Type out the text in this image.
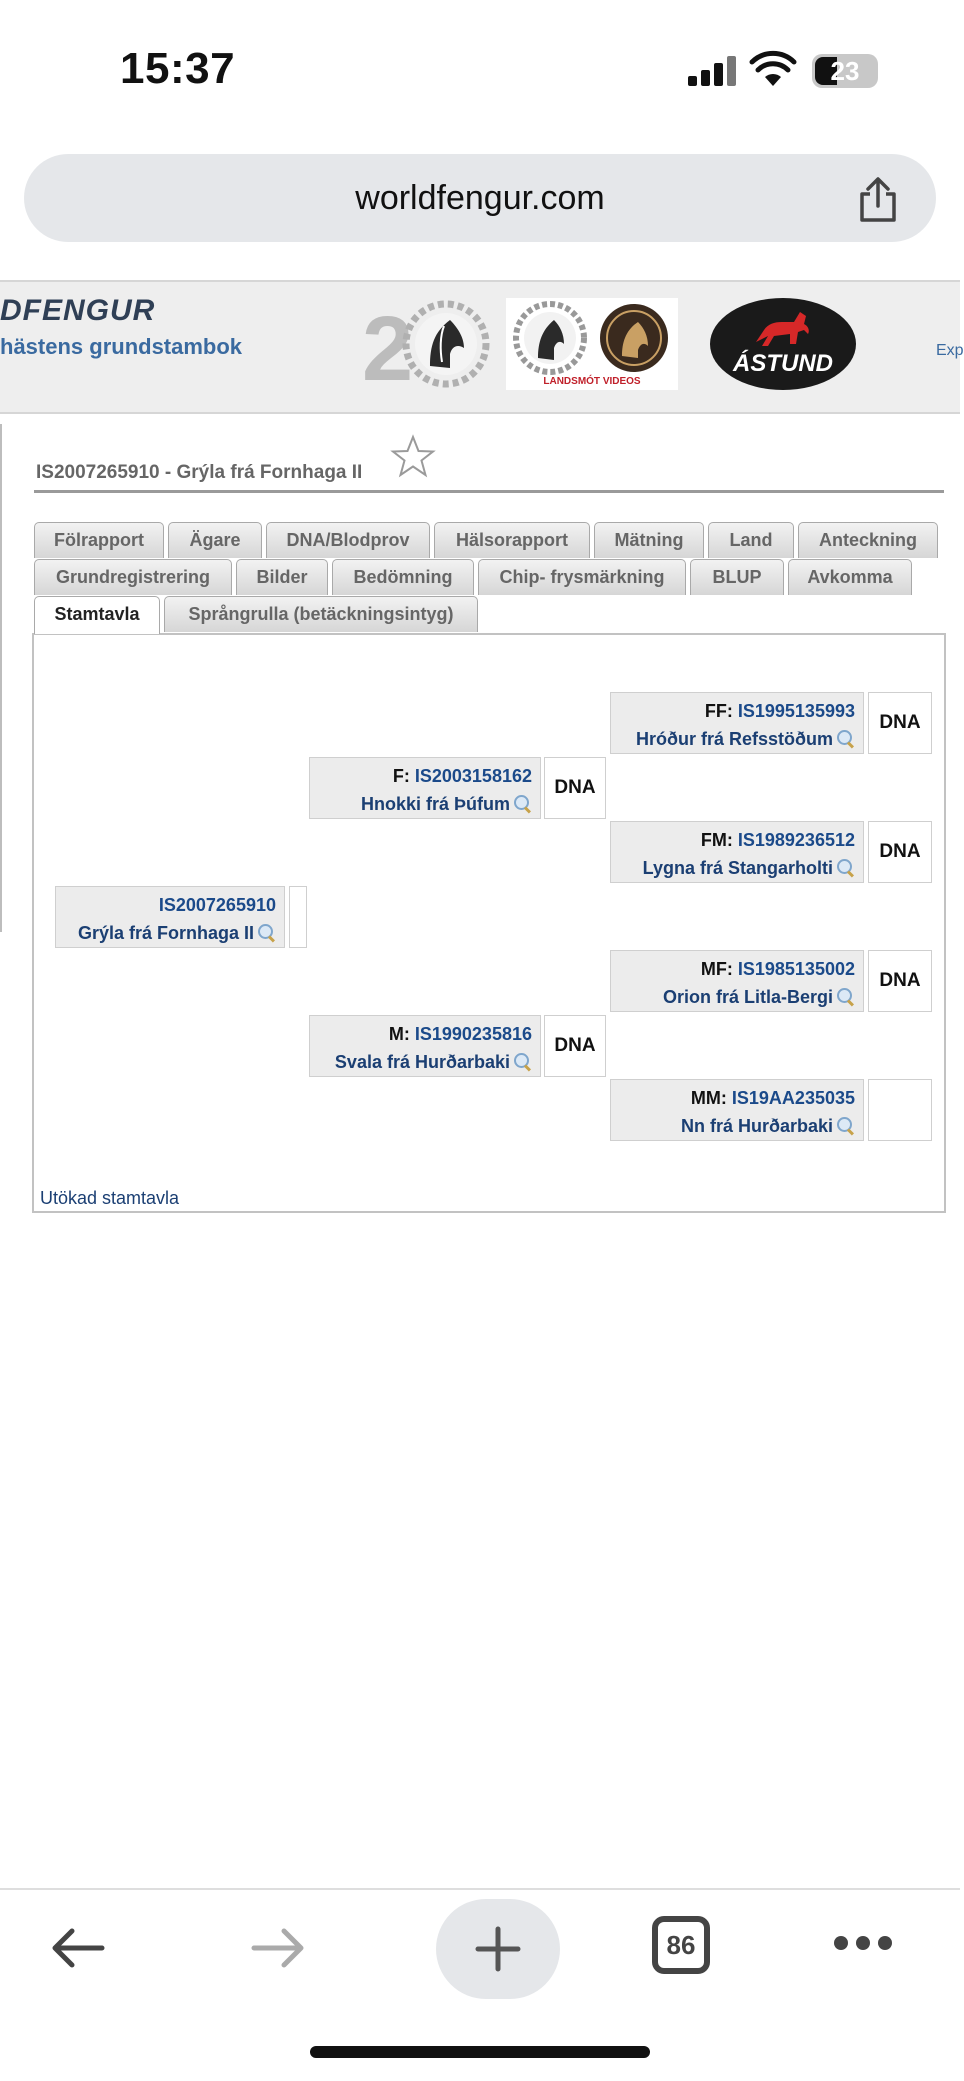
15:37	23
worldfengur.com
DFENGUR
hästens grundstambok 2	LANDSMÓT VIDEOS
ÁSTUND	Exp
IS2007265910 - Grýla frá Fornhaga II
Fölrapport	Ägare	DNA/Blodprov	Hälsorapport	Mätning	Land	Anteckning
Grundregistrering	Bilder	Bedömning	Chip- frysmärkning	BLUP	Avkomma
Stamtavla	Språngrulla (betäckningsintyg)
IS2007265910
Grýla frá Fornhaga II
F: IS2003158162
Hnokki frá Þúfum
DNA
M: IS1990235816
Svala frá Hurðarbaki
DNA
FF: IS1995135993
Hróður frá Refsstöðum
DNA
FM: IS1989236512
Lygna frá Stangarholti
DNA
MF: IS1985135002
Orion frá Litla-Bergi
DNA
MM: IS19AA235035
Nn frá Hurðarbaki
Utökad stamtavla
86
